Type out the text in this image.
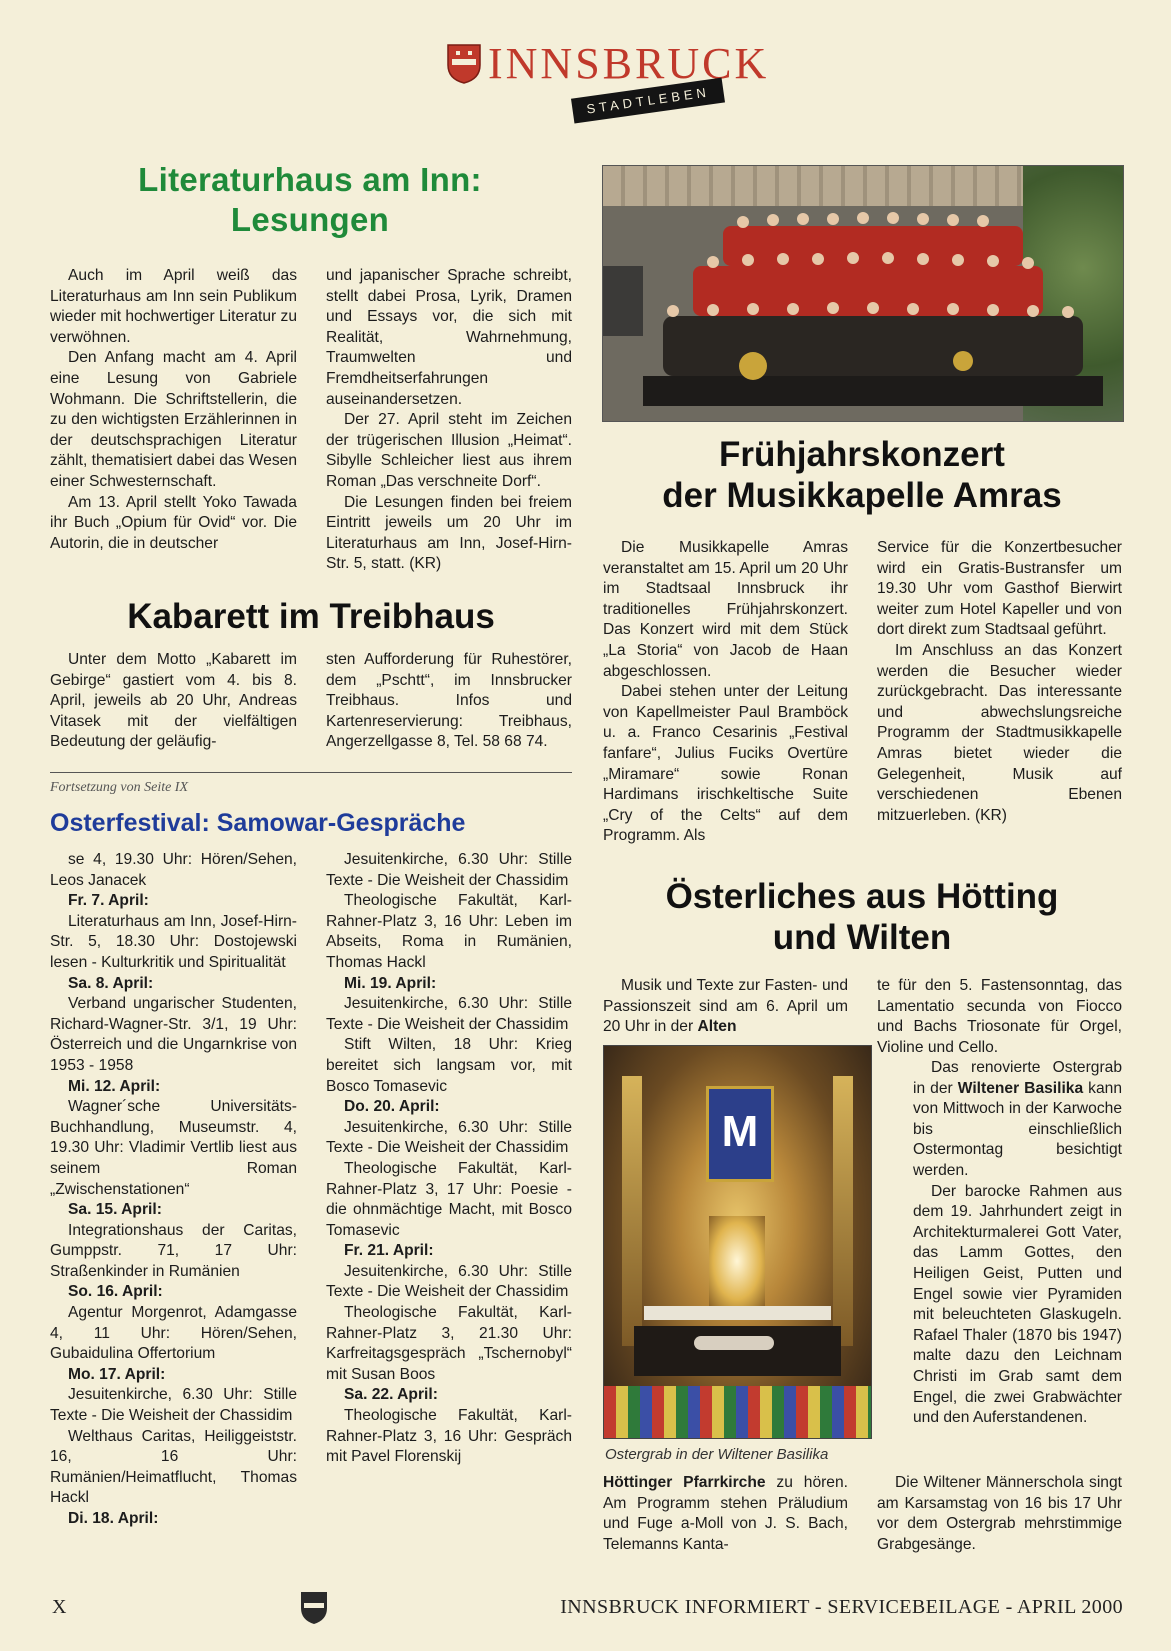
INNSBRUCK
STADTLEBEN
Literaturhaus am Inn:
Lesungen

Auch im April weiß das Literaturhaus am Inn sein Publikum wieder mit hochwertiger Literatur zu verwöhnen.

Den Anfang macht am 4. April eine Lesung von Gabriele Wohmann. Die Schriftstellerin, die zu den wichtigsten Erzählerinnen in der deutschsprachigen Literatur zählt, thematisiert dabei das Wesen einer Schwesternschaft.

Am 13. April stellt Yoko Tawada ihr Buch „Opium für Ovid“ vor. Die Autorin, die in deutscher

und japanischer Sprache schreibt, stellt dabei Prosa, Lyrik, Dramen und Essays vor, die sich mit Realität, Wahrnehmung, Traumwelten und Fremdheitserfahrungen auseinandersetzen.

Der 27. April steht im Zeichen der trügerischen Illusion „Heimat“. Sibylle Schleicher liest aus ihrem Roman „Das verschneite Dorf“.

Die Lesungen finden bei freiem Eintritt jeweils um 20 Uhr im Literaturhaus am Inn, Josef-Hirn-Str. 5, statt. (KR)

Kabarett im Treibhaus

Unter dem Motto „Kabarett im Gebirge“ gastiert vom 4. bis 8. April, jeweils ab 20 Uhr, Andreas Vitasek mit der vielfältigen Bedeutung der geläufig-

sten Aufforderung für Ruhestörer, dem „Pschtt“, im Innsbrucker Treibhaus. Infos und Kartenreservierung: Treibhaus, Angerzellgasse 8, Tel. 58 68 74.

Fortsetzung von Seite IX
Osterfestival: Samowar-Gespräche

se 4, 19.30 Uhr: Hören/Sehen, Leos Janacek

Fr. 7. April:

Literaturhaus am Inn, Josef-Hirn-Str. 5, 18.30 Uhr: Dostojewski lesen - Kulturkritik und Spiritualität

Sa. 8. April:

Verband ungarischer Studenten, Richard-Wagner-Str. 3/1, 19 Uhr: Österreich und die Ungarnkrise von 1953 - 1958

Mi. 12. April:

Wagner´sche Universitäts-Buchhandlung, Museumstr. 4, 19.30 Uhr: Vladimir Vertlib liest aus seinem Roman „Zwischenstationen“

Sa. 15. April:

Integrationshaus der Caritas, Gumppstr. 71, 17 Uhr: Straßenkinder in Rumänien

So. 16. April:

Agentur Morgenrot, Adamgasse 4, 11 Uhr: Hören/Sehen, Gubaidulina Offertorium

Mo. 17. April:

Jesuitenkirche, 6.30 Uhr: Stille Texte - Die Weisheit der Chassidim

Welthaus Caritas, Heiliggeiststr. 16, 16 Uhr: Rumänien/Heimatflucht, Thomas Hackl

Di. 18. April:

Jesuitenkirche, 6.30 Uhr: Stille Texte - Die Weisheit der Chassidim

Theologische Fakultät, Karl-Rahner-Platz 3, 16 Uhr: Leben im Abseits, Roma in Rumänien, Thomas Hackl

Mi. 19. April:

Jesuitenkirche, 6.30 Uhr: Stille Texte - Die Weisheit der Chassidim

Stift Wilten, 18 Uhr: Krieg bereitet sich langsam vor, mit Bosco Tomasevic

Do. 20. April:

Jesuitenkirche, 6.30 Uhr: Stille Texte - Die Weisheit der Chassidim

Theologische Fakultät, Karl-Rahner-Platz 3, 17 Uhr: Poesie - die ohnmächtige Macht, mit Bosco Tomasevic

Fr. 21. April:

Jesuitenkirche, 6.30 Uhr: Stille Texte - Die Weisheit der Chassidim

Theologische Fakultät, Karl-Rahner-Platz 3, 21.30 Uhr: Karfreitagsgespräch „Tschernobyl“ mit Susan Boos

Sa. 22. April:

Theologische Fakultät, Karl-Rahner-Platz 3, 16 Uhr: Gespräch mit Pavel Florenskij

Frühjahrskonzert
der Musikkapelle Amras

Die Musikkapelle Amras veranstaltet am 15. April um 20 Uhr im Stadtsaal Innsbruck ihr traditionelles Frühjahrskonzert. Das Konzert wird mit dem Stück „La Storia“ von Jacob de Haan abgeschlossen.

Dabei stehen unter der Leitung von Kapellmeister Paul Bramböck u. a. Franco Cesarinis „Festival fanfare“, Julius Fuciks Overtüre „Miramare“ sowie Ronan Hardimans irischkeltische Suite „Cry of the Celts“ auf dem Programm. Als

Service für die Konzertbesucher wird ein Gratis-Bustransfer um 19.30 Uhr vom Gasthof Bierwirt weiter zum Hotel Kapeller und von dort direkt zum Stadtsaal geführt.

Im Anschluss an das Konzert werden die Besucher wieder zurückgebracht. Das interessante und abwechslungsreiche Programm der Stadtmusikkapelle Amras bietet wieder die Gelegenheit, Musik auf verschiedenen Ebenen mitzuerleben. (KR)

Österliches aus Hötting
und Wilten

Musik und Texte zur Fasten- und Passionszeit sind am 6. April um 20 Uhr in der Alten

M
Ostergrab in der Wiltener Basilika

Höttinger Pfarrkirche zu hören. Am Programm stehen Präludium und Fuge a-Moll von J. S. Bach, Telemanns Kanta-

te für den 5. Fastensonntag, das Lamentatio secunda von Fiocco und Bachs Triosonate für Orgel, Violine und Cello.

Das renovierte Ostergrab in der Wiltener Basilika kann von Mittwoch in der Karwoche bis einschließlich Ostermontag besichtigt werden.

Der barocke Rahmen aus dem 19. Jahrhundert zeigt in Architekturmalerei Gott Vater, das Lamm Gottes, den Heiligen Geist, Putten und Engel sowie vier Pyramiden mit beleuchteten Glaskugeln. Rafael Thaler (1870 bis 1947) malte dazu den Leichnam Christi im Grab samt dem Engel, die zwei Grabwächter und den Auferstandenen.

Die Wiltener Männerschola singt am Karsamstag von 16 bis 17 Uhr vor dem Ostergrab mehrstimmige Grabgesänge.

X	INNSBRUCK INFORMIERT - SERVICEBEILAGE - APRIL 2000
